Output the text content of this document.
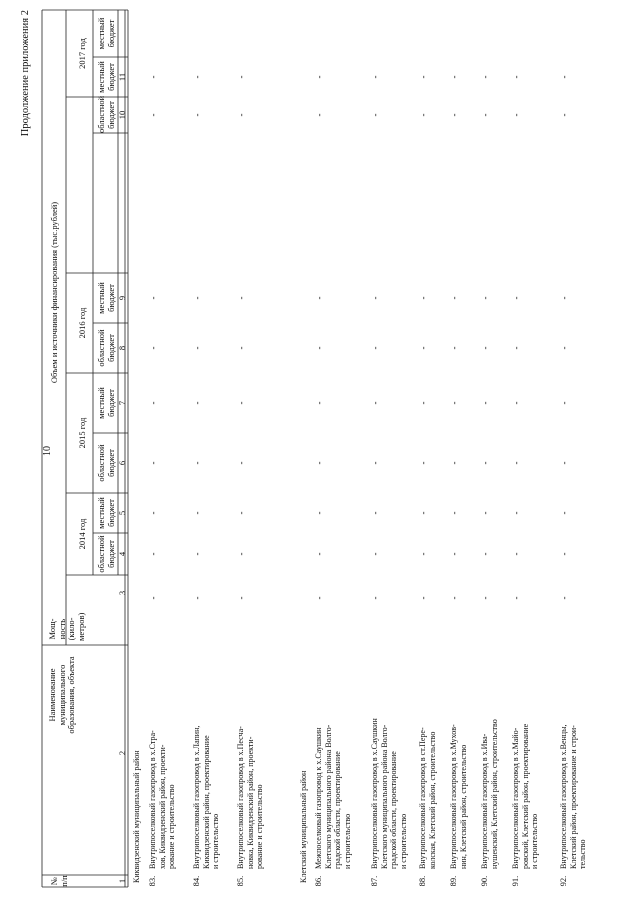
10
Продолжение приложения 2
№ п/п
Наименование муниципального образования, объекта
Мощ-ность (кило-метров)
Объем и источники финансирования (тыс.рублей)
2014 год
2015 год
2016 год
2017 год
областной бюджет
местный бюджет
областной бюджет
местный бюджет
областной бюджет
местный бюджет
областной бюджет
местный бюджет
местный бюджет
1
2
3
4
5
6
7
8
9
10
11
Киквидзенский муниципальный район	Клетский муниципальный район
83.
Внутрипоселковый газопровод в х.Стра- хов, Киквидзенский район, проекти- рование и строительство
-
-
-
-
-
-
-
-
-
84.
Внутрипоселковый газопровод в х.Лапин, Киквидзенский район, проектирование и строительство
-
-
-
-
-
-
-
-
-
85.
Внутрипоселковый газопровод в х.Песча- новка, Киквидзенский район, проекти- рование и строительство
-
-
-
-
-
-
-
-
-
86.
Межпоселковый газопровод к х.Саушкин Клетского муниципального района Волго- градской области, проектирование и строительство
-
-
-
-
-
-
-
-
-
87.
Внутрипоселковый газопровод в х.Саушкин Клетского муниципального района Волго- градской области, проектирование и строительство
-
-
-
-
-
-
-
-
-
88.
Внутрипоселковый газопровод в ст.Пере- колская, Клетский район, строительство
-
-
-
-
-
-
-
-
-
89.
Внутрипоселковый газопровод в х.Мухов- нин, Клетский район, строительство
-
-
-
-
-
-
-
-
-
90.
Внутрипоселковый газопровод в х.Ива- нушенский, Клетский район, строительство
-
-
-
-
-
-
-
-
-
91.
Внутрипоселковый газопровод в х.Майо- ровский, Клетский район, проектирование и строительство
-
-
-
-
-
-
-
-
-
92.
Внутрипоселковый газопровод в х.Венцы, Клетский район, проектирование и строи- тельство
-
-
-
-
-
-
-
-
-
